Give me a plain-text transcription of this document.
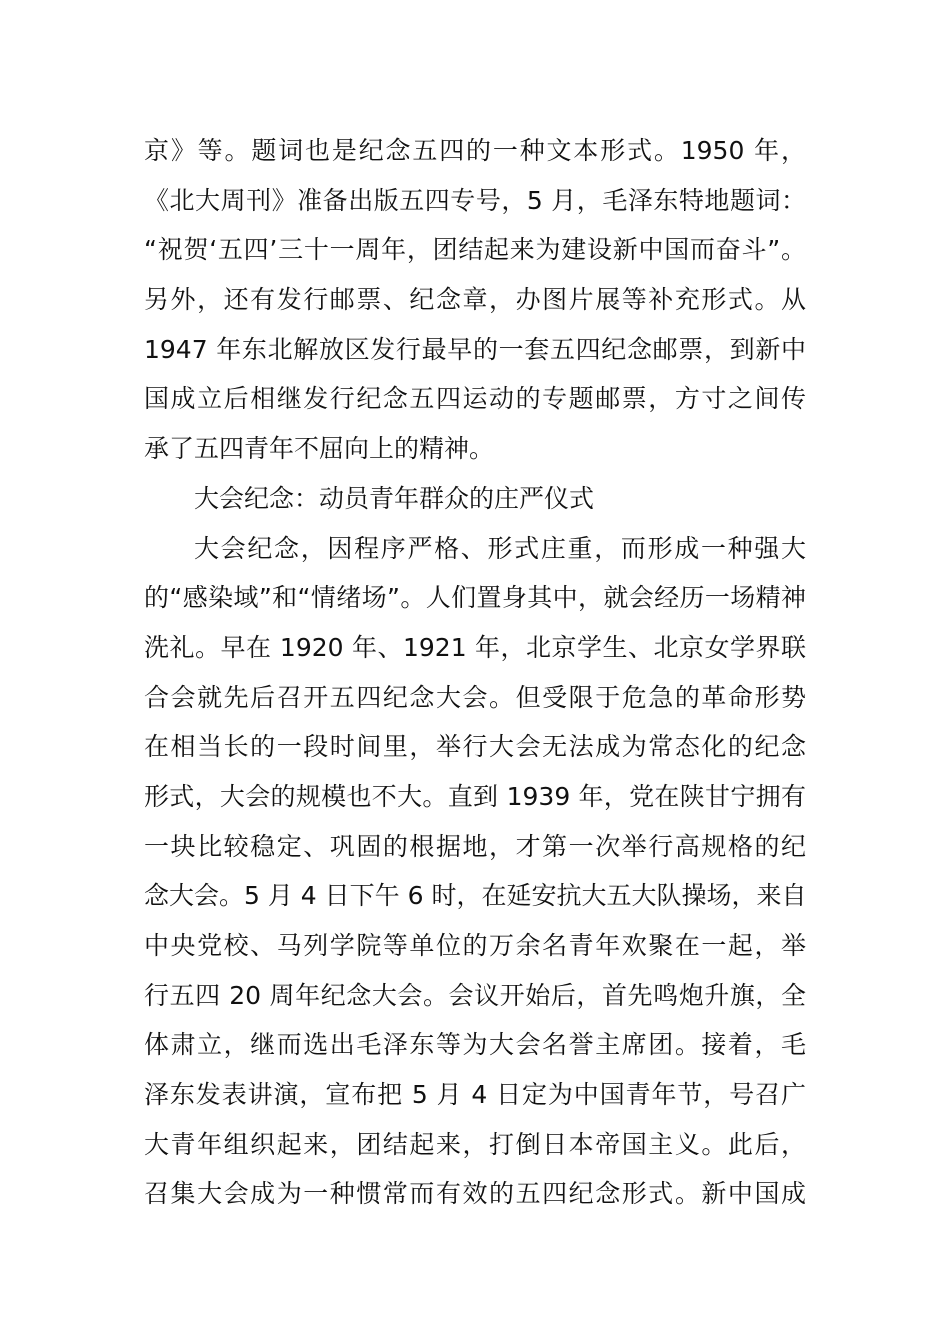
京》等。题词也是纪念五四的一种文本形式。1950 年，
《北大周刊》准备出版五四专号，5 月，毛泽东特地题词：
“祝贺‘五四’三十一周年，团结起来为建设新中国而奋斗”。
另外，还有发行邮票、纪念章，办图片展等补充形式。从
1947 年东北解放区发行最早的一套五四纪念邮票，到新中
国成立后相继发行纪念五四运动的专题邮票，方寸之间传
承了五四青年不屈向上的精神。
大会纪念：动员青年群众的庄严仪式
大会纪念，因程序严格、形式庄重，而形成一种强大
的“感染域”和“情绪场”。人们置身其中，就会经历一场精神
洗礼。早在 1920 年、1921 年，北京学生、北京女学界联
合会就先后召开五四纪念大会。但受限于危急的革命形势
在相当长的一段时间里，举行大会无法成为常态化的纪念
形式，大会的规模也不大。直到 1939 年，党在陕甘宁拥有
一块比较稳定、巩固的根据地，才第一次举行高规格的纪
念大会。5 月 4 日下午 6 时，在延安抗大五大队操场，来自
中央党校、马列学院等单位的万余名青年欢聚在一起，举
行五四 20 周年纪念大会。会议开始后，首先鸣炮升旗，全
体肃立，继而选出毛泽东等为大会名誉主席团。接着，毛
泽东发表讲演，宣布把 5 月 4 日定为中国青年节，号召广
大青年组织起来，团结起来，打倒日本帝国主义。此后，
召集大会成为一种惯常而有效的五四纪念形式。新中国成
